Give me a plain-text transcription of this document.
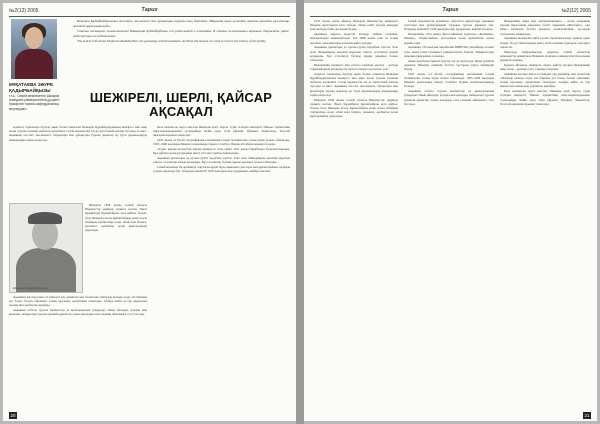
№2(12) 2005	Тарих
МҰҚАТАЕВА ЗӘУРЕ ҚАДЫРБАЙҚЫЗЫ
т.ғ.к., Семей мемлекеттік Шәкәрім атындағы университетінің доценті, Қазақстан тарихы кафедрасының меңгерушісі

Шәкәрім Құдайбердіұлының шежіресі, әке-шешесі мен ұрпақтары туралы тың деректер. Мақалада ақын әулетінің тарихы архивтік құжаттар негізінде қарастырылады.

Статья посвящена жизнеописанию Шакарима Кудайбердиева, его родословной и потомкам. В статье использованы архивные документы, ранее недоступные исследователям.

The article tells about Shakarim Kudaiberdiev, his genealogy and descendants. Archival documents are used to restore the history of the family.

ШЕЖІРЕЛІ, ШЕРЛІ, ҚАЙСАР АҚСАҚАЛ

Адамзат тарихында біртуар ақын болып танылған Шәкәрім Құдайбердіұлының шежіресі мен өмір жолы туралы ғылыми еңбектер жеткілікті. Соған қарамастан әлі де зерттелмей жатқан тұстары аз емес. Ақынның ата-тегі, әке-шешесі, бауырлары мен ұрпақтары туралы деректер әр түрлі дереккөздерде шашыраңқы күйде кездеседі.

Шәкәрім 1858 жылы Семей облысы Шыңғыстау өңірінде дүниеге келген. Әкесі Құдайберді Құнанбайұлы ерте қайтыс болып, бала Шәкәрім атасы Құнанбайдың және ағасы Абайдың тәрбиесінде өседі. Абай оған білімге, ғылымға, әдебиетке деген құштарлықты дарытады.

Ақынның жастық шағы ел ішіндегі дау-дамайлар мен болыстық сайлаулар кезінде өтеді. Ол бірнеше рет болыс болып сайланып, халық арасында әділдігімен танылады. Алайда кейін ол бар ықыласын ғылым мен әдебиетке арнайды.

Ақынның отбасы туралы мәліметтер де қызығушылық тудырады. Оның әйелдері, ұлдары мен қыздары, немерелері туралы архивтік құжаттар соңғы жылдары ғана ғылыми айналымға түсе бастады.

Шәкәрім Құдайбердіұлы

Бала кезінен-ақ оқуға ынталы Шәкәрім араб, парсы, түрік тілдерін меңгеріп, Шығыс әдебиетінің інжу-маржандарымен сусындайды. Кейін орыс тілін үйреніп, Пушкин, Лермонтов, Толстой шығармаларымен танысады.

1903 жылы ол Ресей географиялық қоғамының Семей бөлімшесіне толық мүше болып сайланады. 1905–1906 жылдары Меккеге қажылыққа барып, Стамбул, Париж кітапханаларында болады.

«Түрік, қырғыз-қазақ һәм хандар шежіресі» атты еңбегі 1911 жылы Орынборда басылып шығады. Бұл еңбекте қазақ руларының шығу тегі мен тарихы баяндалады.

Ақынның ұрпақтары да қуғын-сүргін зардабын тартты. Ұлы Ахат Шәкәрімұлы әкесінің мұрасын сақтап, естеліктер жазып қалдырды. Бұл естеліктер бүгінде құнды дереккөз болып табылады.

Семей мемлекеттік архивінде сақталған құжаттарда ақынның туыстары мен ұрпақтарының тағдыры туралы деректер бар. Олардың көпшілігі 1930 жылдары жер аударылып, кейбірі атылған.

20
Тарих	№2(12) 2005

1931 жылы қазан айында Шәкәрім Шыңғыстау өңіріндегі Шақпақ қыстағында қаза табады. Оның өлімі туралы шындық ұзақ жылдар бойы жасырын болды.

Ақынның мұрасы кеңестік кезеңде тыйым салынып, шығармалары жарияланбады. Тек 1988 жылы ғана ол толық ақталып, шығармалары халқына қайта оралды.

Ақынның ұрпақтары да қуғын-сүргін зардабын тартты. Ұлы Ахат Шәкәрімұлы әкесінің мұрасын сақтап, естеліктер жазып қалдырды. Бұл естеліктер бүгінде құнды дереккөз болып табылады.

Шәкәрімнің шежіресі мен отбасы тарихын зерттеу – ұлттық тарихымыздың ақтаңдақ беттерін толтыруға қосылған үлес.

Адамзат тарихында біртуар ақын болып танылған Шәкәрім Құдайбердіұлының шежіресі мен өмір жолы туралы ғылыми еңбектер жеткілікті. Соған қарамастан әлі де зерттелмей жатқан тұстары аз емес. Ақынның ата-тегі, әке-шешесі, бауырлары мен ұрпақтары туралы деректер әр түрлі дереккөздерде шашыраңқы күйде кездеседі.

Шәкәрім 1858 жылы Семей облысы Шыңғыстау өңірінде дүниеге келген. Әкесі Құдайберді Құнанбайұлы ерте қайтыс болып, бала Шәкәрім атасы Құнанбайдың және ағасы Абайдың тәрбиесінде өседі. Абай оған білімге, ғылымға, әдебиетке деген құштарлықты дарытады.

Семей мемлекеттік архивінде сақталған құжаттарда ақынның туыстары мен ұрпақтарының тағдыры туралы деректер бар. Олардың көпшілігі 1930 жылдары жер аударылып, кейбірі атылған.

Шәкәрімнің «Үш анық» философиялық трактаты, «Қалқаман–Мамыр», «Еңлік–Кебек» дастандары қазақ әдебиетінің алтын қорына енді.

Ақынның 150 жылдық мерейтойы ЮНЕСКО деңгейінде аталып өтіп, оның есімі Семейдегі университетке берілді. Шыңғыстауда мемориалдық кешен салынды.

Ақын әулетінің тарихын зерттеу әлі де жалғасуда. Жаңа архивтік деректер Шәкәрім өмірінің белгісіз тұстарын ашуға мүмкіндік береді.

1903 жылы ол Ресей географиялық қоғамының Семей бөлімшесіне толық мүше болып сайланады. 1905–1906 жылдары Меккеге қажылыққа барып, Стамбул, Париж кітапханаларында болады.

Ақынның отбасы туралы мәліметтер де қызығушылық тудырады. Оның әйелдері, ұлдары мен қыздары, немерелері туралы архивтік құжаттар соңғы жылдары ғана ғылыми айналымға түсе бастады.

Шәкәрімнің өмірі мен шығармашылығы – қазақ халқының рухани мұрасының ажырамас бөлігі. Ақынның «Жастарға», «Ар ілімі» еңбектері бүгінгі ұрпақты адамгершілікке, ар-ождан тазалығына шақырады.

Ақынның шежірелік еңбегі қазақ тарихнамасында ерекше орын алады. Ол ру-тайпалардың шығу тегін ғылыми тұрғыдан саралауға тырысты.

Мақалада пайдаланылған деректер Семей облыстық мемлекеттік архиві мен Шәкәрім атындағы университеттің ғылыми қорынан алынды.

Қорыта айтқанда, шежірелі, шерлі, қайсар ақсақал Шәкәрімнің өмір жолы – ұрпаққа үлгі, тарихқа тағылым.

Ақынның жастық шағы ел ішіндегі дау-дамайлар мен болыстық сайлаулар кезінде өтеді. Ол бірнеше рет болыс болып сайланып, халық арасында әділдігімен танылады. Алайда кейін ол бар ықыласын ғылым мен әдебиетке арнайды.

Бала кезінен-ақ оқуға ынталы Шәкәрім араб, парсы, түрік тілдерін меңгеріп, Шығыс әдебиетінің інжу-маржандарымен сусындайды. Кейін орыс тілін үйреніп, Пушкин, Лермонтов, Толстой шығармаларымен танысады.

21
